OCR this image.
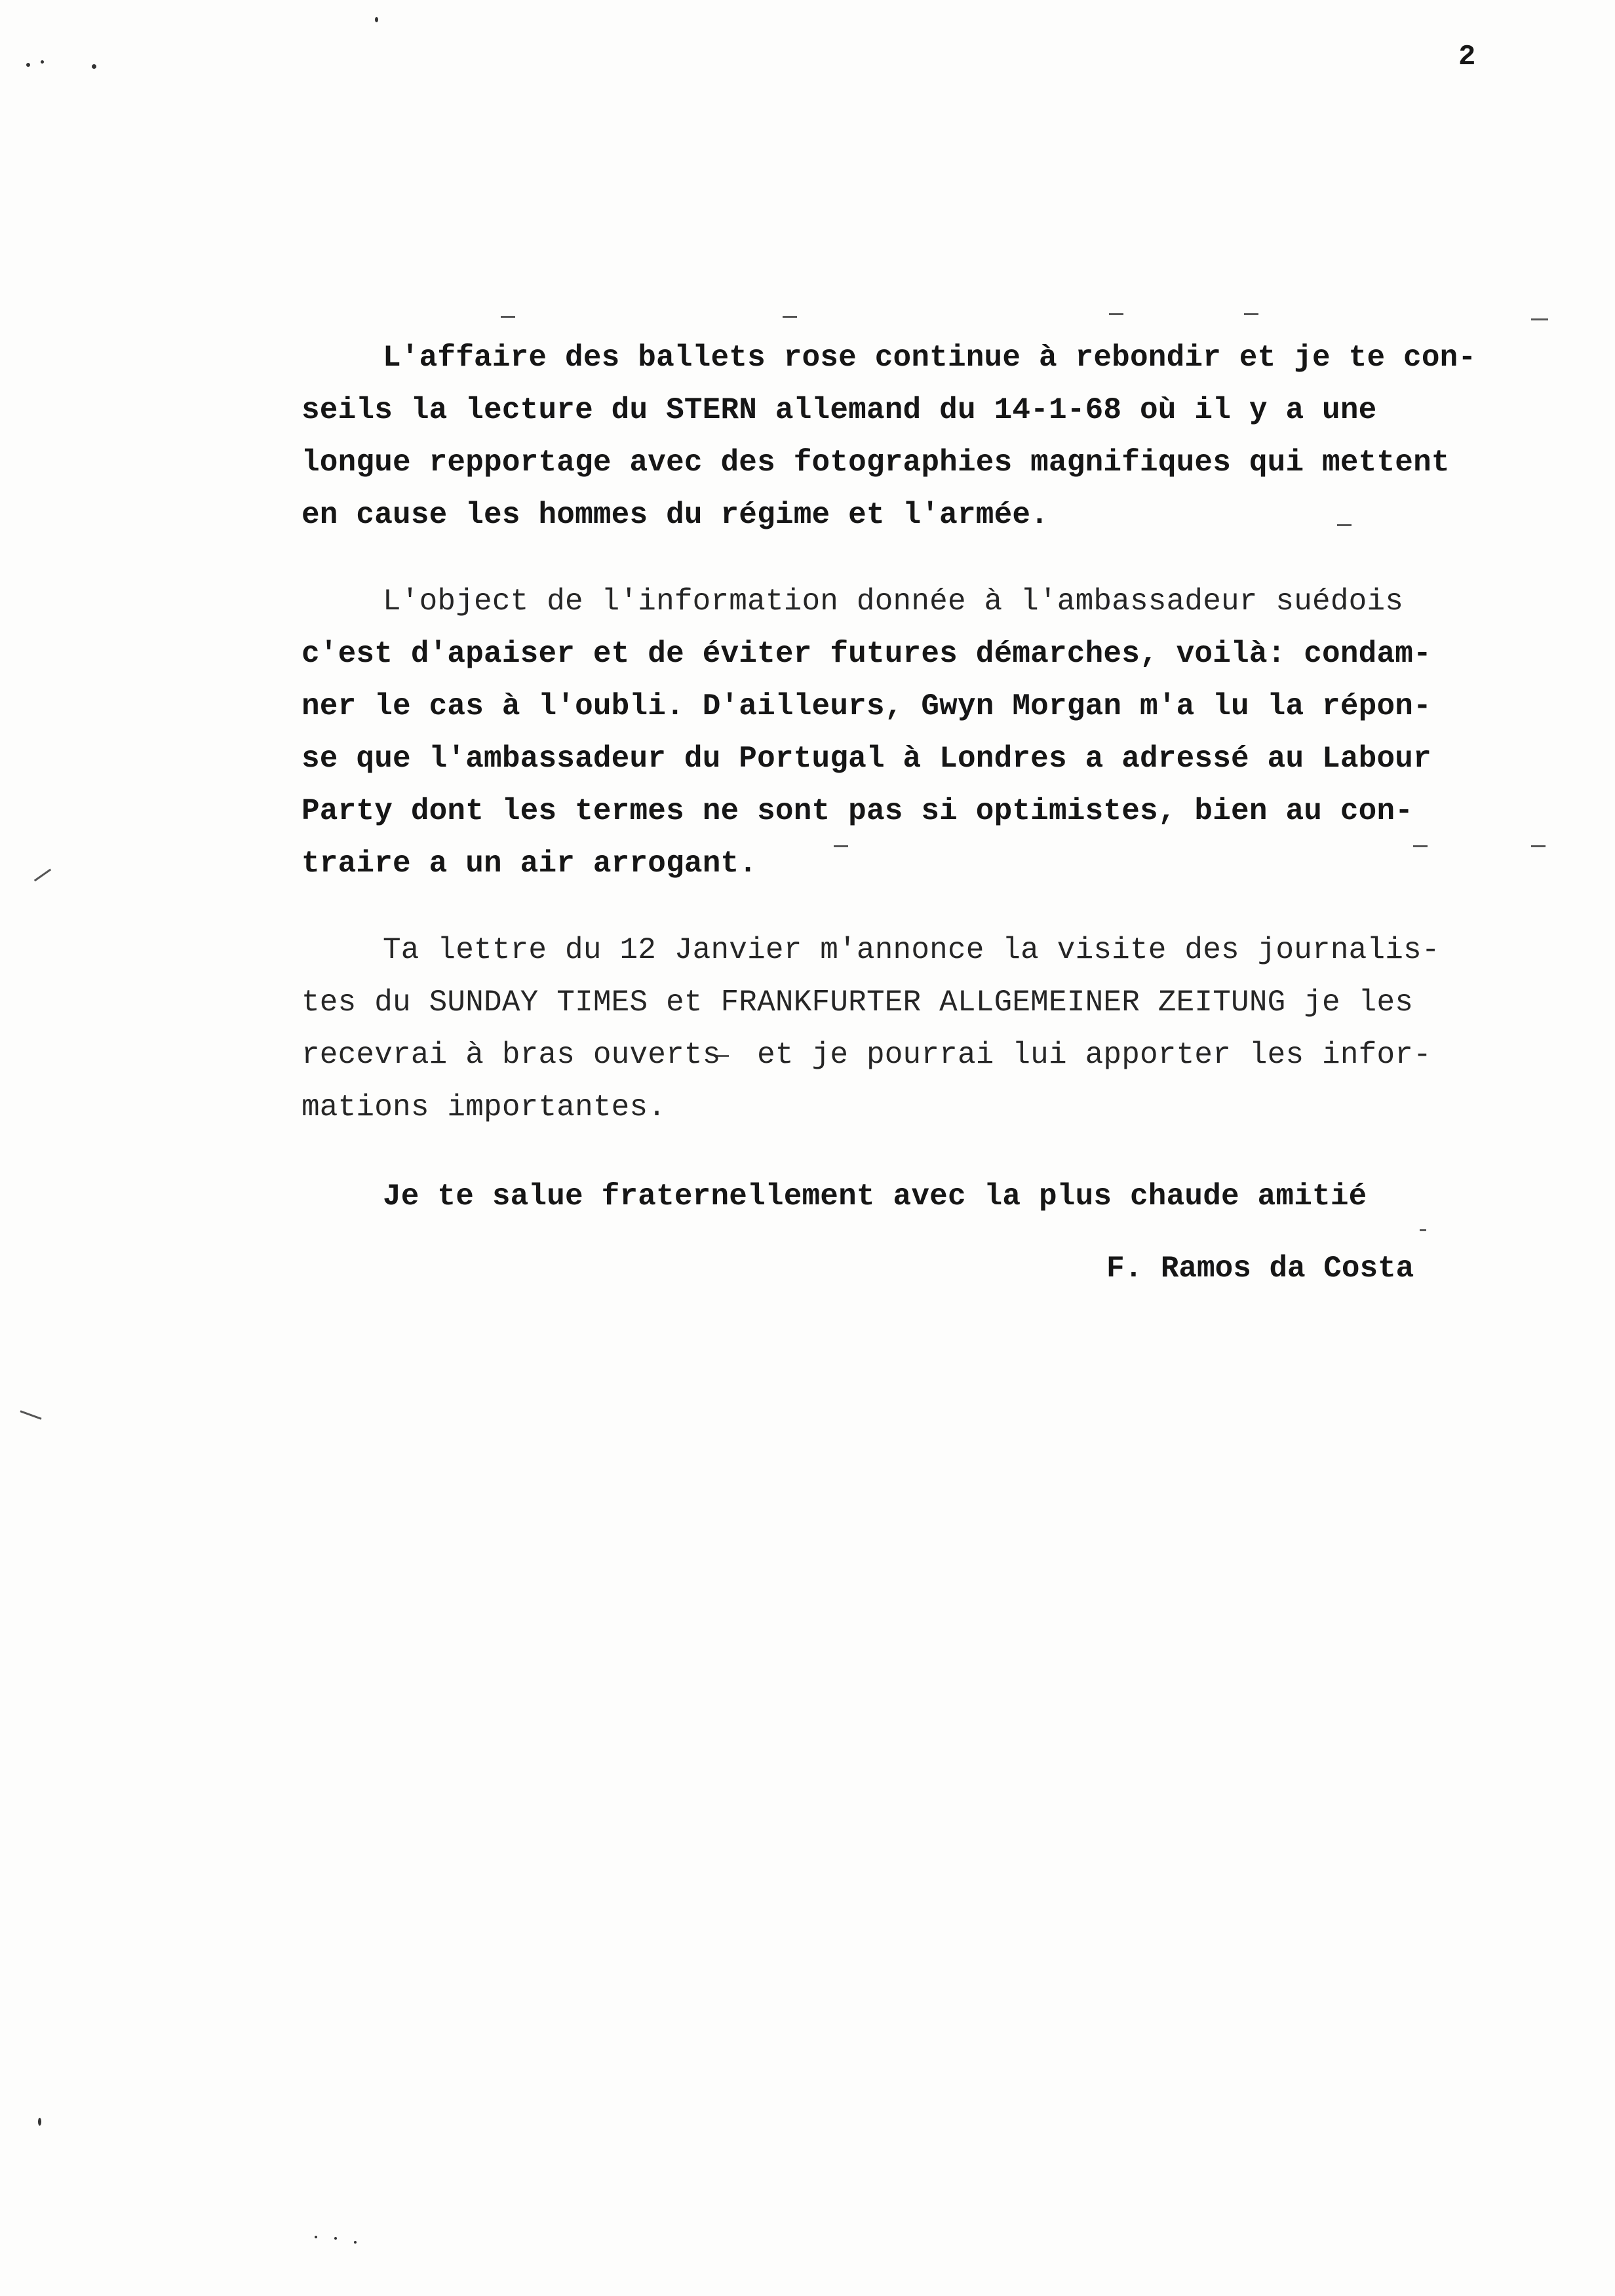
2
L'affaire des ballets rose continue à rebondir et je te con-
seils la lecture du STERN allemand du 14-1-68 où il y a une
longue repportage avec des fotographies magnifiques qui mettent
en cause les hommes du régime et l'armée.
L'object de l'information donnée à l'ambassadeur suédois
c'est d'apaiser et de éviter futures démarches, voilà: condam-
ner le cas à l'oubli. D'ailleurs, Gwyn Morgan m'a lu la répon-
se que l'ambassadeur du Portugal à Londres a adressé au Labour
Party dont les termes ne sont pas si optimistes, bien au con-
traire a un air arrogant.
Ta lettre du 12 Janvier m'annonce la visite des journalis-
tes du SUNDAY TIMES et FRANKFURTER ALLGEMEINER ZEITUNG je les
recevrai à bras ouverts  et je pourrai lui apporter les infor-
mations importantes.
Je te salue fraternellement avec la plus chaude amitié
F. Ramos da Costa
